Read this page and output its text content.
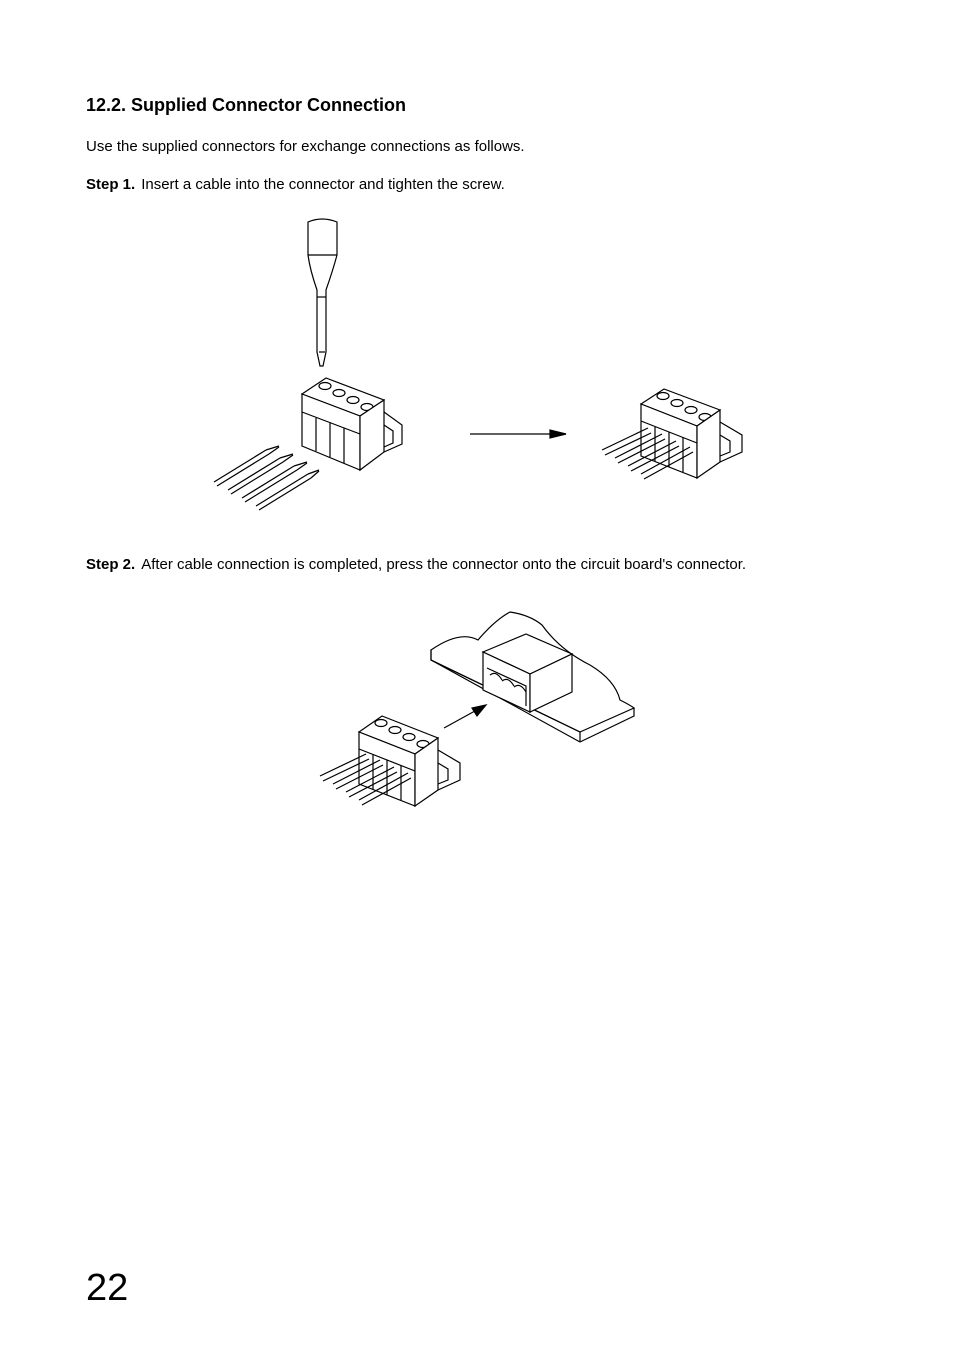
12.2. Supplied Connector Connection

Use the supplied connectors for exchange connections as follows.

Step 1. Insert a cable into the connector and tighten the screw.

Step 2. After cable connection is completed, press the connector onto the circuit board's connector.

22
